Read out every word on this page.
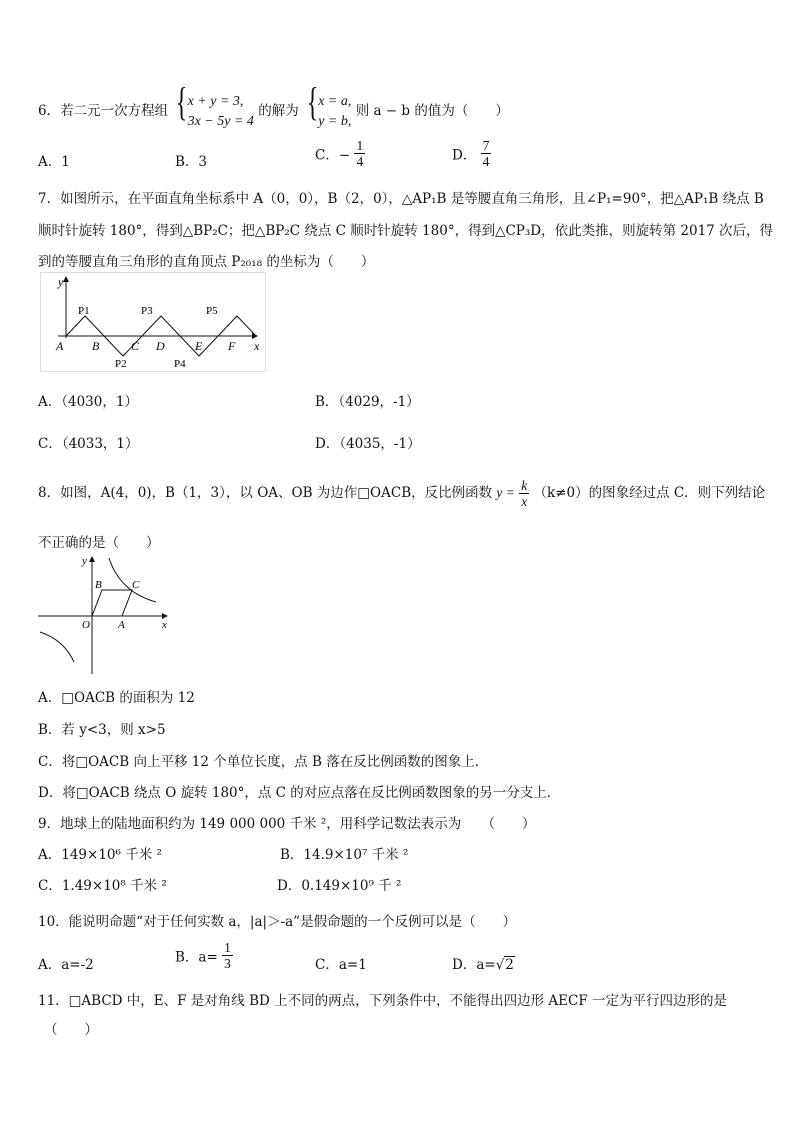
6．若二元一次方程组 { x + y = 3,
3x − 5y = 4
的解为 { x = a,
y = b,
则 a − b 的值为（　　）
A．1	B．3	C．− $\frac{1}{4}$	D． $\frac{7}{4}$
7．如图所示，在平面直角坐标系中 A（0，0），B（2，0），△AP₁B 是等腰直角三角形，且∠P₁=90°，把△AP₁B 绕点 B
顺时针旋转 180°，得到△BP₂C；把△BP₂C 绕点 C 顺时针旋转 180°，得到△CP₃D，依此类推，则旋转第 2017 次后，得
到的等腰直角三角形的直角顶点 P₂₀₁₈ 的坐标为（　　）
y
x
A B	C D	E F
P1	P3	P5
P2	P4
A．（4030，1）	B．（4029，-1）
C．（4033，1）	D．（4035，-1）
8．如图，A(4，0)，B（1，3），以 OA、OB 为边作□OACB，反比例函数 $y = \frac{k}{x} (k\ne 0)$的图象经过点 C．则下列结论
不正确的是（　　）
y
x
O	A
B	C
A．□OACB 的面积为 12
B．若 y<3，则 x>5
C．将□OACB 向上平移 12 个单位长度，点 B 落在反比例函数的图象上．
D．将□OACB 绕点 O 旋转 180°，点 C 的对应点落在反比例函数图象的另一分支上．
9．地球上的陆地面积约为 149 000 000 千米 ²，用科学记数法表示为　　（　　）
A．149×10⁶ 千米 ²	B．14.9×10⁷ 千米 ²
C．1.49×10⁸ 千米 ²	D．0.149×10⁹ 千 ²
10．能说明命题“对于任何实数 a，|a|＞-a”是假命题的一个反例可以是（　　）
A．a=-2	B．$a= \frac{1}{3}$	C．a=1	D．a=√2
11．□ABCD 中，E、F 是对角线 BD 上不同的两点，下列条件中，不能得出四边形 AECF 一定为平行四边形的是
（　　）
